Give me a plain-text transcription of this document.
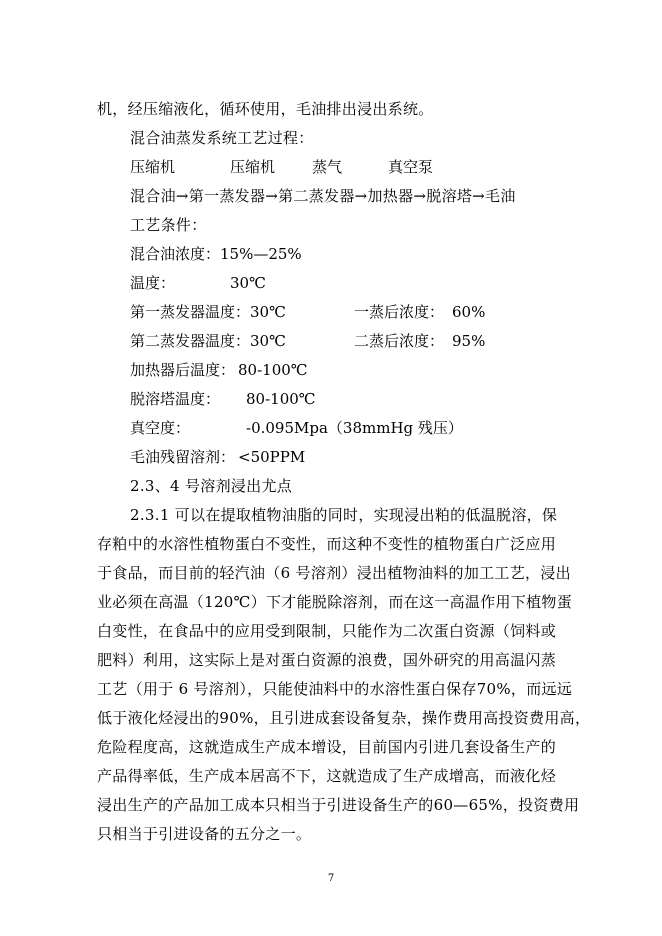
机，经压缩液化，循环使用，毛油排出浸出系统。
混合油蒸发系统工艺过程：
压缩机	压缩机 蒸气	真空泵
混合油→第一蒸发器→第二蒸发器→加热器→脱溶塔→毛油
工艺条件：
混合油浓度： 15%—25%
温度：	30℃
第一蒸发器温度： 30℃	一蒸后浓度： 60%
第二蒸发器温度： 30℃	二蒸后浓度： 95%
加热器后温度： 80-100℃
脱溶塔温度： 80-100℃
真空度：	-0.095Mpa（38mmHg 残压）
毛油残留溶剂： <50PPM
2.3、4 号溶剂浸出尤点
2.3.1 可以在提取植物油脂的同时，实现浸出粕的低温脱溶，保
存粕中的水溶性植物蛋白不变性，而这种不变性的植物蛋白广泛应用
于食品，而目前的轻汽油（6 号溶剂）浸出植物油料的加工工艺，浸出
业必须在高温（120℃）下才能脱除溶剂，而在这一高温作用下植物蛋
白变性，在食品中的应用受到限制，只能作为二次蛋白资源（饲料或
肥料）利用，这实际上是对蛋白资源的浪费，国外研究的用高温闪蒸
工艺（用于 6 号溶剂），只能使油料中的水溶性蛋白保存70%，而远远
低于液化烃浸出的90%，且引进成套设备复杂，操作费用高投资费用高，
危险程度高，这就造成生产成本增设，目前国内引进几套设备生产的
产品得率低，生产成本居高不下，这就造成了生产成增高，而液化烃
浸出生产的产品加工成本只相当于引进设备生产的60—65%，投资费用
只相当于引进设备的五分之一。
7
